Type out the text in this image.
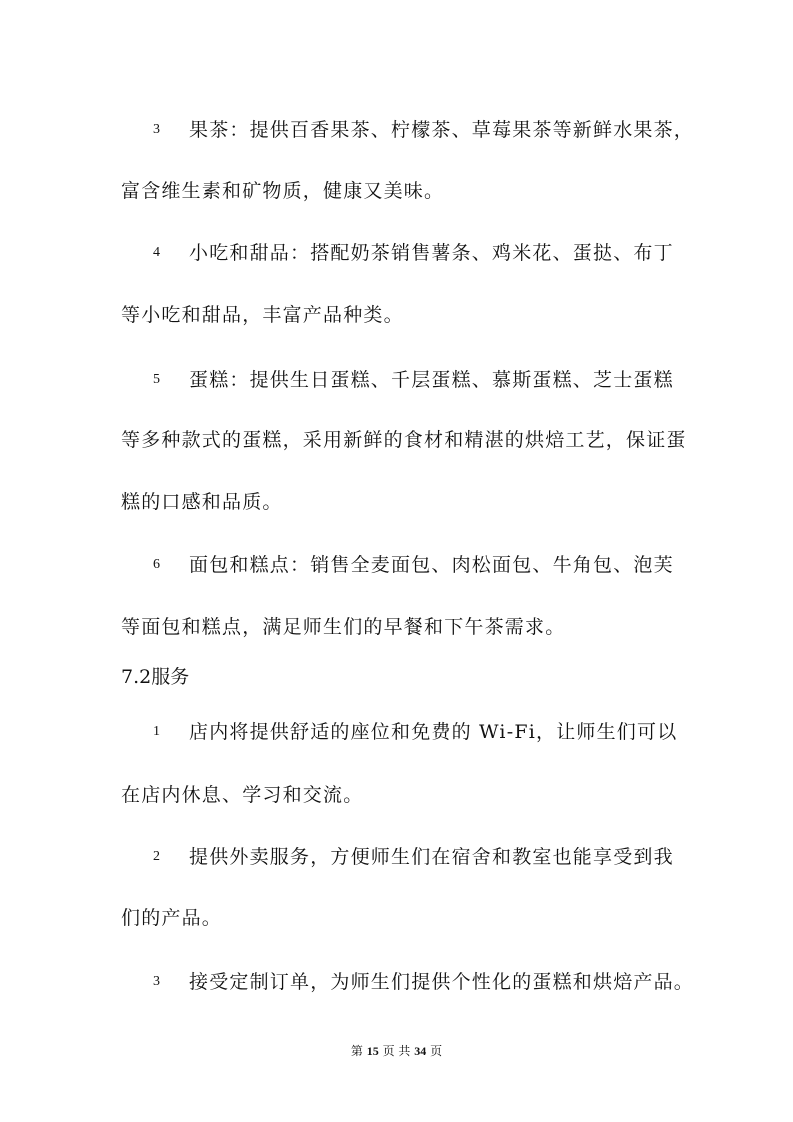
3 果茶：提供百香果茶、柠檬茶、草莓果茶等新鲜水果茶，
富含维生素和矿物质，健康又美味。
4 小吃和甜品：搭配奶茶销售薯条、鸡米花、蛋挞、布丁
等小吃和甜品，丰富产品种类。
5 蛋糕：提供生日蛋糕、千层蛋糕、慕斯蛋糕、芝士蛋糕
等多种款式的蛋糕，采用新鲜的食材和精湛的烘焙工艺，保证蛋
糕的口感和品质。
6 面包和糕点：销售全麦面包、肉松面包、牛角包、泡芙
等面包和糕点，满足师生们的早餐和下午茶需求。
7.2服务
1 店内将提供舒适的座位和免费的 Wi-Fi，让师生们可以
在店内休息、学习和交流。
2 提供外卖服务，方便师生们在宿舍和教室也能享受到我
们的产品。
3 接受定制订单，为师生们提供个性化的蛋糕和烘焙产品。
第 15 页 共 34 页
